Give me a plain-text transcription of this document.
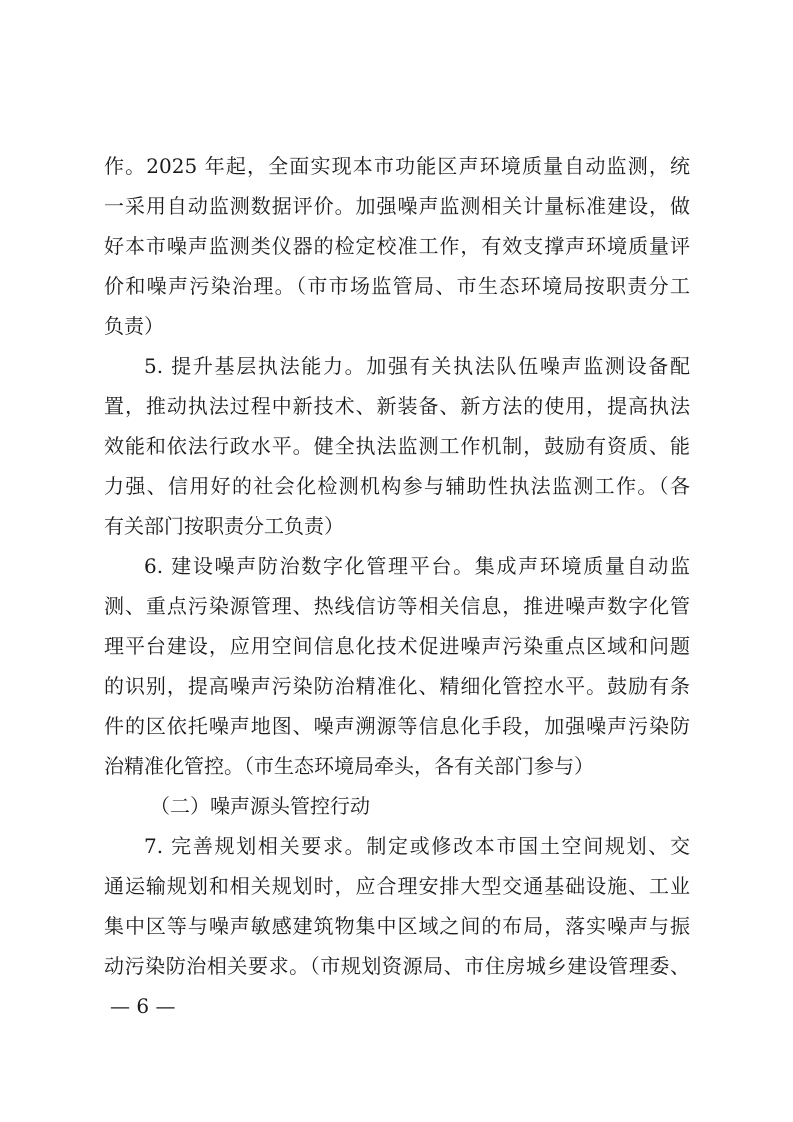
作。2025 年起，全面实现本市功能区声环境质量自动监测，统
一采用自动监测数据评价。加强噪声监测相关计量标准建设，做
好本市噪声监测类仪器的检定校准工作，有效支撑声环境质量评
价和噪声污染治理。（市市场监管局、市生态环境局按职责分工
负责）
5. 提升基层执法能力。加强有关执法队伍噪声监测设备配
置，推动执法过程中新技术、新装备、新方法的使用，提高执法
效能和依法行政水平。健全执法监测工作机制，鼓励有资质、能
力强、信用好的社会化检测机构参与辅助性执法监测工作。（各
有关部门按职责分工负责）
6. 建设噪声防治数字化管理平台。集成声环境质量自动监
测、重点污染源管理、热线信访等相关信息，推进噪声数字化管
理平台建设，应用空间信息化技术促进噪声污染重点区域和问题
的识别，提高噪声污染防治精准化、精细化管控水平。鼓励有条
件的区依托噪声地图、噪声溯源等信息化手段，加强噪声污染防
治精准化管控。（市生态环境局牵头，各有关部门参与）
（二）噪声源头管控行动
7. 完善规划相关要求。制定或修改本市国土空间规划、交
通运输规划和相关规划时，应合理安排大型交通基础设施、工业
集中区等与噪声敏感建筑物集中区域之间的布局，落实噪声与振
动污染防治相关要求。（市规划资源局、市住房城乡建设管理委、
— 6 —
